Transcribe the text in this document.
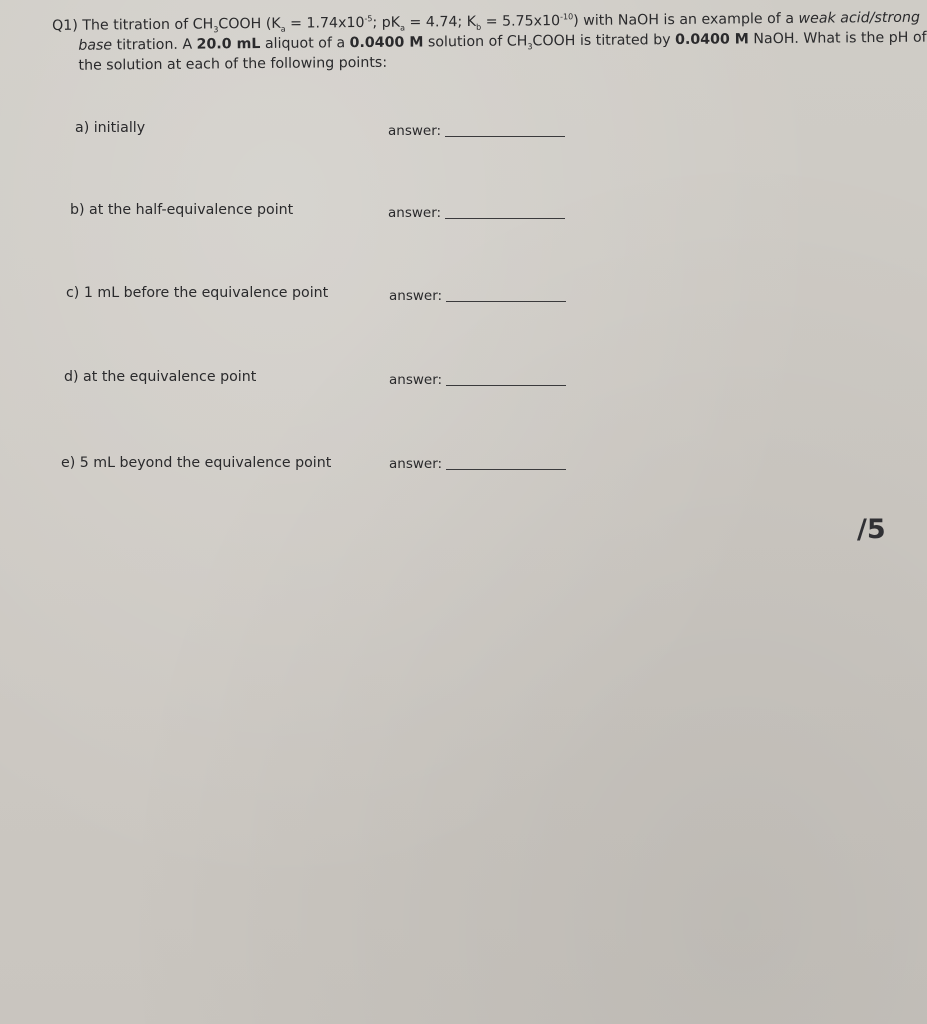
Q1) The titration of $CH_3COOH$ ($K_a = 1.74x10^{-5}$; $pK_a = 4.74$; $K_b = 5.75x10^{-10}$) with NaOH is an example of a weak acid/strong
base titration. A 20.0 mL aliquot of a 0.0400 M solution of $CH_3COOH$ is titrated by 0.0400 M NaOH. What is the pH of
the solution at each of the following points:
a) initially	answer:
b) at the half-equivalence point	answer:
c) 1 mL before the equivalence point	answer:
d) at the equivalence point	answer:
e) 5 mL beyond the equivalence point	answer:
/5
